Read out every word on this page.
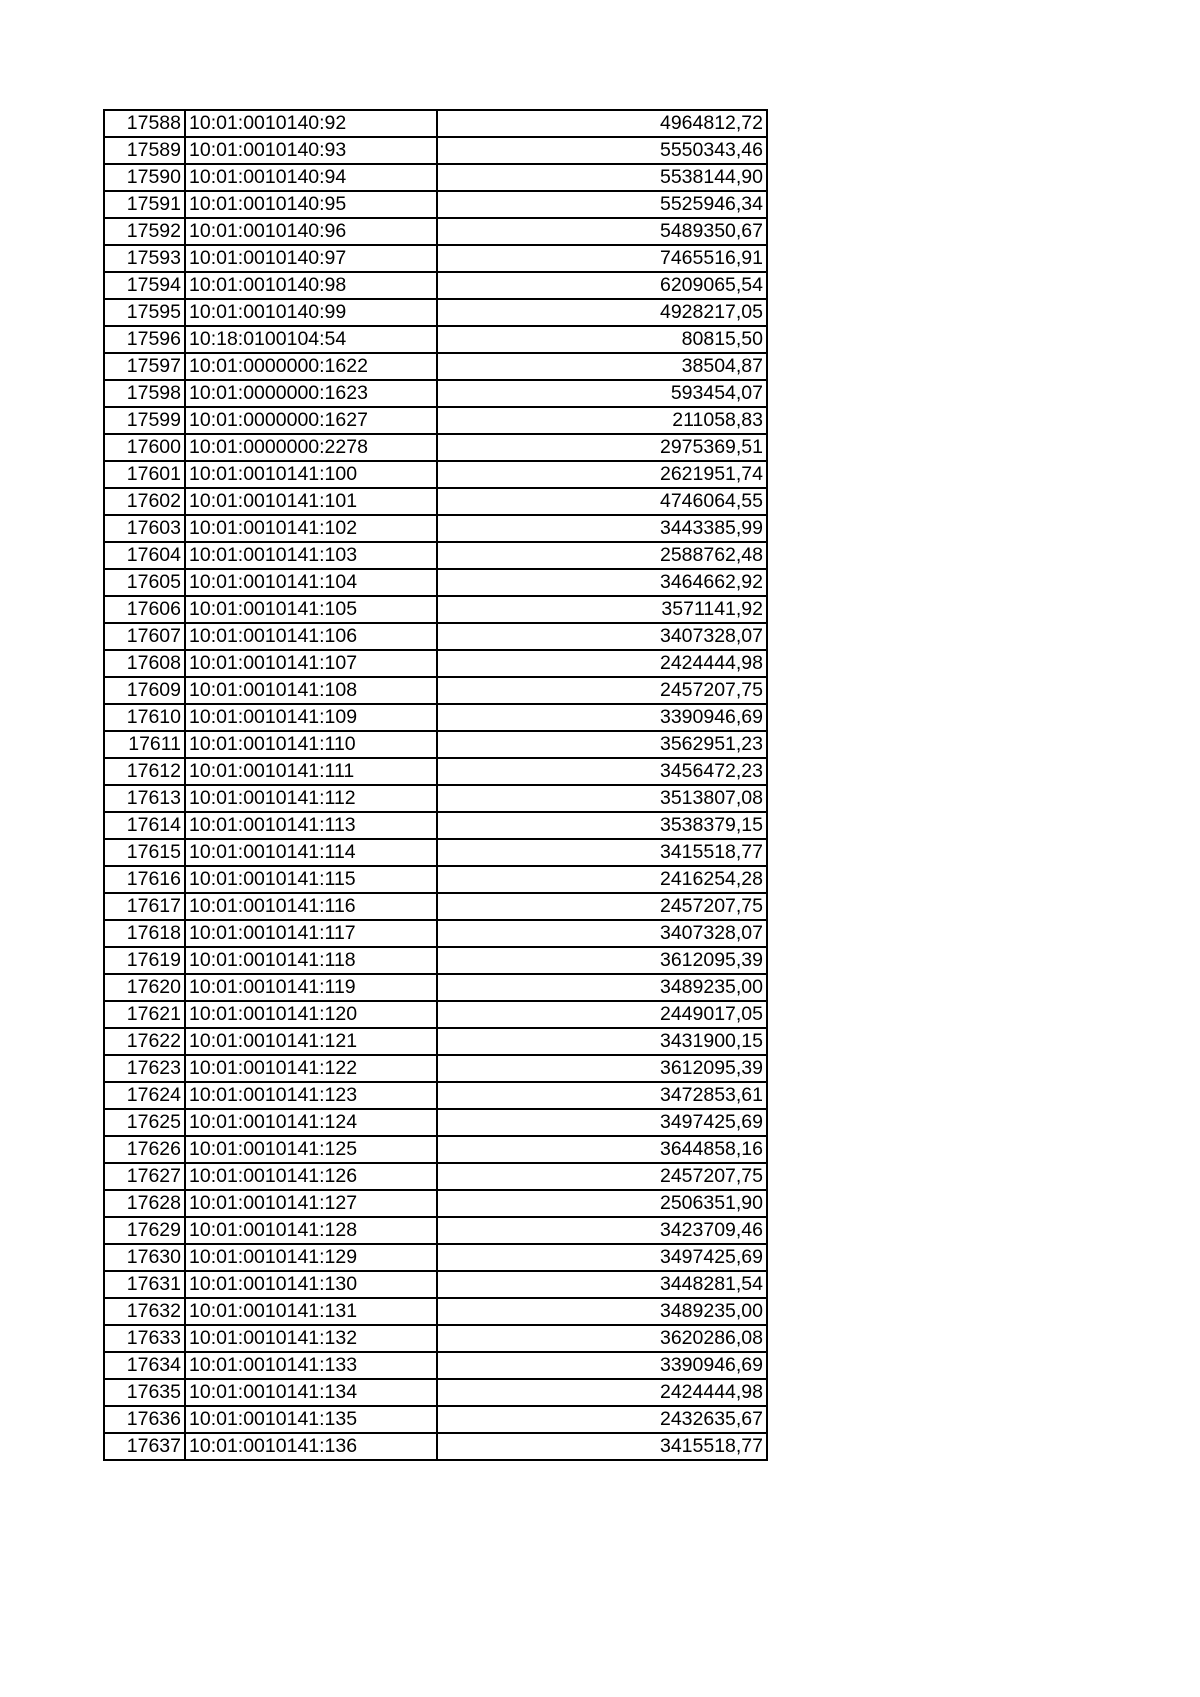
17588	10:01:0010140:92	4964812,72
17589	10:01:0010140:93	5550343,46
17590	10:01:0010140:94	5538144,90
17591	10:01:0010140:95	5525946,34
17592	10:01:0010140:96	5489350,67
17593	10:01:0010140:97	7465516,91
17594	10:01:0010140:98	6209065,54
17595	10:01:0010140:99	4928217,05
17596	10:18:0100104:54	80815,50
17597	10:01:0000000:1622	38504,87
17598	10:01:0000000:1623	593454,07
17599	10:01:0000000:1627	211058,83
17600	10:01:0000000:2278	2975369,51
17601	10:01:0010141:100	2621951,74
17602	10:01:0010141:101	4746064,55
17603	10:01:0010141:102	3443385,99
17604	10:01:0010141:103	2588762,48
17605	10:01:0010141:104	3464662,92
17606	10:01:0010141:105	3571141,92
17607	10:01:0010141:106	3407328,07
17608	10:01:0010141:107	2424444,98
17609	10:01:0010141:108	2457207,75
17610	10:01:0010141:109	3390946,69
17611	10:01:0010141:110	3562951,23
17612	10:01:0010141:111	3456472,23
17613	10:01:0010141:112	3513807,08
17614	10:01:0010141:113	3538379,15
17615	10:01:0010141:114	3415518,77
17616	10:01:0010141:115	2416254,28
17617	10:01:0010141:116	2457207,75
17618	10:01:0010141:117	3407328,07
17619	10:01:0010141:118	3612095,39
17620	10:01:0010141:119	3489235,00
17621	10:01:0010141:120	2449017,05
17622	10:01:0010141:121	3431900,15
17623	10:01:0010141:122	3612095,39
17624	10:01:0010141:123	3472853,61
17625	10:01:0010141:124	3497425,69
17626	10:01:0010141:125	3644858,16
17627	10:01:0010141:126	2457207,75
17628	10:01:0010141:127	2506351,90
17629	10:01:0010141:128	3423709,46
17630	10:01:0010141:129	3497425,69
17631	10:01:0010141:130	3448281,54
17632	10:01:0010141:131	3489235,00
17633	10:01:0010141:132	3620286,08
17634	10:01:0010141:133	3390946,69
17635	10:01:0010141:134	2424444,98
17636	10:01:0010141:135	2432635,67
17637	10:01:0010141:136	3415518,77
